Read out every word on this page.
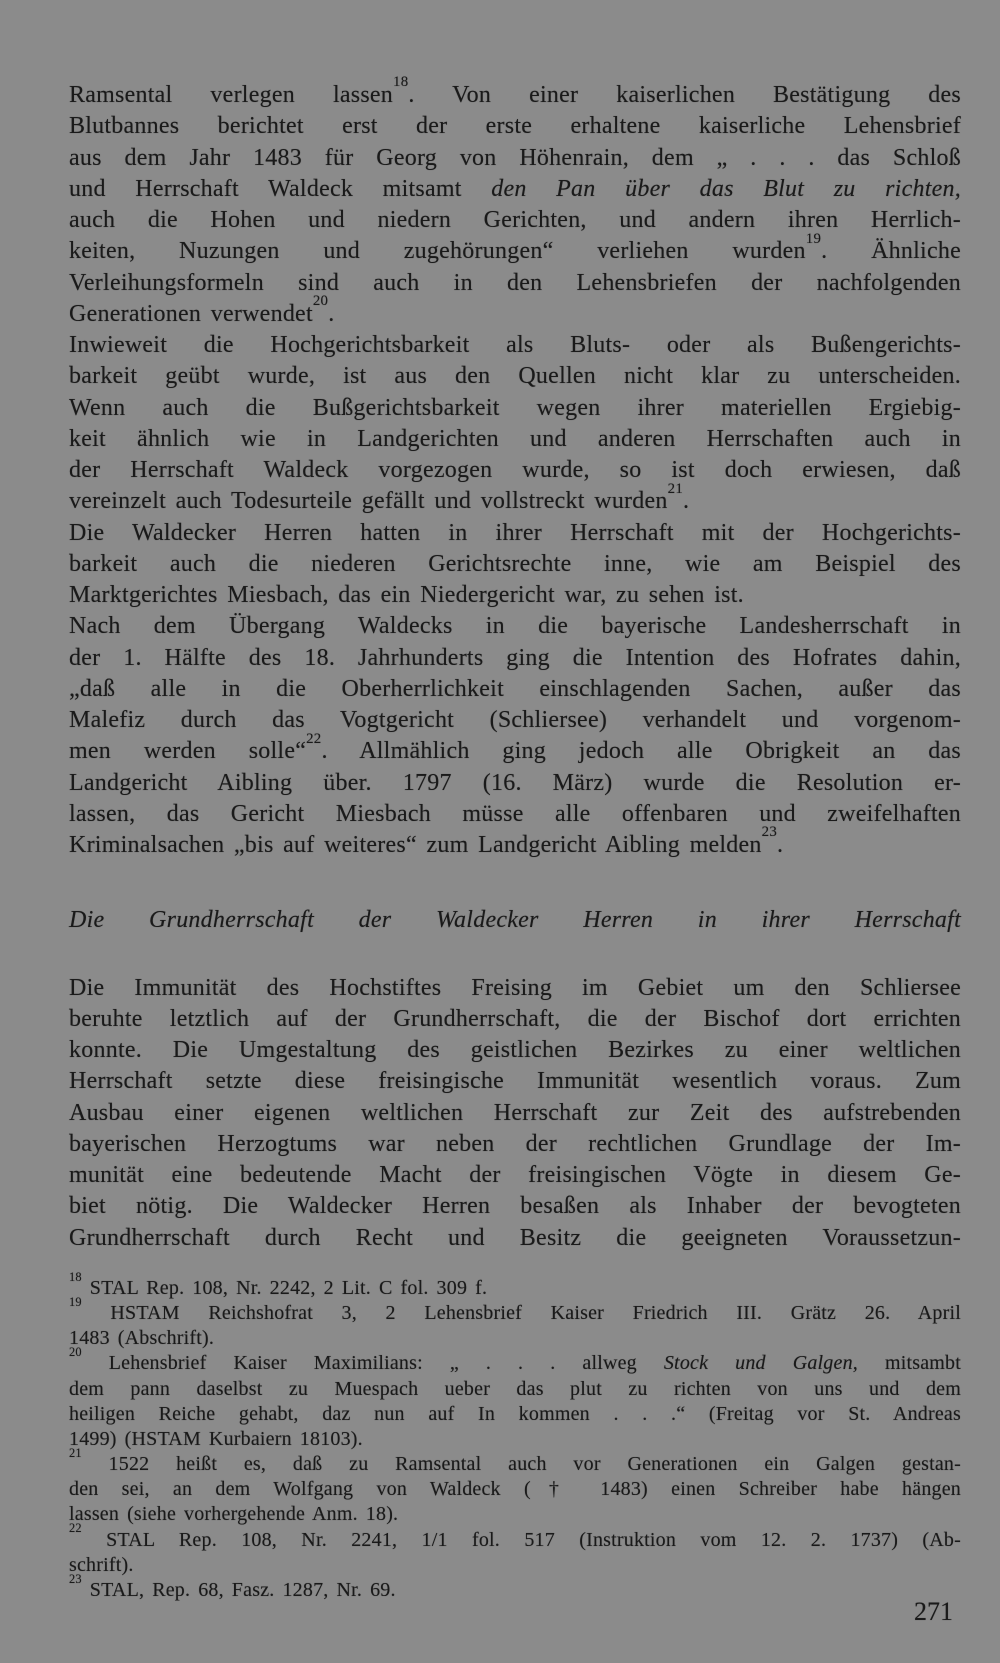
Ramsental verlegen lassen$^{18}$. Von einer kaiserlichen Bestätigung des
Blutbannes berichtet erst der erste erhaltene kaiserliche Lehensbrief
aus dem Jahr 1483 für Georg von Höhenrain, dem „ . . . das Schloß
und Herrschaft Waldeck mitsamt den Pan über das Blut zu richten,
auch die Hohen und niedern Gerichten, und andern ihren Herrlich-
keiten, Nuzungen und zugehörungen“ verliehen wurden$^{19}$. Ähnliche
Verleihungsformeln sind auch in den Lehensbriefen der nachfolgenden
Generationen verwendet$^{20}$.
Inwieweit die Hochgerichtsbarkeit als Bluts- oder als Bußengerichts-
barkeit geübt wurde, ist aus den Quellen nicht klar zu unterscheiden.
Wenn auch die Bußgerichtsbarkeit wegen ihrer materiellen Ergiebig-
keit ähnlich wie in Landgerichten und anderen Herrschaften auch in
der Herrschaft Waldeck vorgezogen wurde, so ist doch erwiesen, daß
vereinzelt auch Todesurteile gefällt und vollstreckt wurden$^{21}$.
Die Waldecker Herren hatten in ihrer Herrschaft mit der Hochgerichts-
barkeit auch die niederen Gerichtsrechte inne, wie am Beispiel des
Marktgerichtes Miesbach, das ein Niedergericht war, zu sehen ist.
Nach dem Übergang Waldecks in die bayerische Landesherrschaft in
der 1. Hälfte des 18. Jahrhunderts ging die Intention des Hofrates dahin,
„daß alle in die Oberherrlichkeit einschlagenden Sachen, außer das
Malefiz durch das Vogtgericht (Schliersee) verhandelt und vorgenom-
men werden solle“$^{22}$. Allmählich ging jedoch alle Obrigkeit an das
Landgericht Aibling über. 1797 (16. März) wurde die Resolution er-
lassen, das Gericht Miesbach müsse alle offenbaren und zweifelhaften
Kriminalsachen „bis auf weiteres“ zum Landgericht Aibling melden$^{23}$.
Die Grundherrschaft der Waldecker Herren in ihrer Herrschaft
Die Immunität des Hochstiftes Freising im Gebiet um den Schliersee
beruhte letztlich auf der Grundherrschaft, die der Bischof dort errichten
konnte. Die Umgestaltung des geistlichen Bezirkes zu einer weltlichen
Herrschaft setzte diese freisingische Immunität wesentlich voraus. Zum
Ausbau einer eigenen weltlichen Herrschaft zur Zeit des aufstrebenden
bayerischen Herzogtums war neben der rechtlichen Grundlage der Im-
munität eine bedeutende Macht der freisingischen Vögte in diesem Ge-
biet nötig. Die Waldecker Herren besaßen als Inhaber der bevogteten
Grundherrschaft durch Recht und Besitz die geeigneten Voraussetzun-
$^{18}$ STAL Rep. 108, Nr. 2242, 2 Lit. C fol. 309 f.
$^{19}$ HSTAM Reichshofrat 3, 2 Lehensbrief Kaiser Friedrich III. Grätz 26. April
1483 (Abschrift).
$^{20}$ Lehensbrief Kaiser Maximilians: „ . . . allweg Stock und Galgen, mitsambt
dem pann daselbst zu Muespach ueber das plut zu richten von uns und dem
heiligen Reiche gehabt, daz nun auf In kommen . . .“ (Freitag vor St. Andreas
1499) (HSTAM Kurbaiern 18103).
$^{21}$ 1522 heißt es, daß zu Ramsental auch vor Generationen ein Galgen gestan-
den sei, an dem Wolfgang von Waldeck († 1483) einen Schreiber habe hängen
lassen (siehe vorhergehende Anm. 18).
$^{22}$ STAL Rep. 108, Nr. 2241, 1/1 fol. 517 (Instruktion vom 12. 2. 1737) (Ab-
schrift).
$^{23}$ STAL, Rep. 68, Fasz. 1287, Nr. 69.
271
